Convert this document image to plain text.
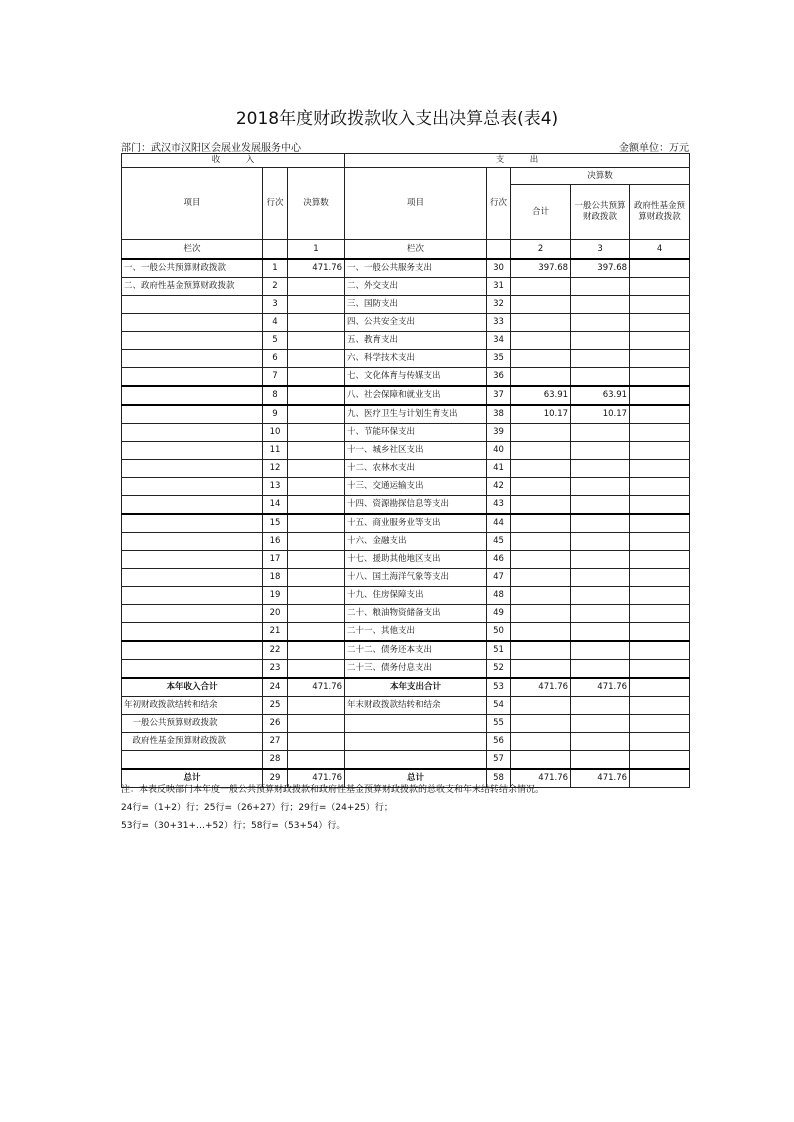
2018年度财政拨款收入支出决算总表(表4)
部门：武汉市汉阳区会展业发展服务中心	金额单位：万元
收　　　入			支　　　出				
项目	行次	决算数	项目	行次	决算数		
					合计	一般公共预算财政拨款	政府性基金预算财政拨款
栏次		1	栏次		2	3	4
一、一般公共预算财政拨款	1	471.76	一、一般公共服务支出	30	397.68	397.68	
二、政府性基金预算财政拨款	2		二、外交支出	31			
	3		三、国防支出	32			
	4		四、公共安全支出	33			
	5		五、教育支出	34			
	6		六、科学技术支出	35			
	7		七、文化体育与传媒支出	36			
	8		八、社会保障和就业支出	37	63.91	63.91	
	9		九、医疗卫生与计划生育支出	38	10.17	10.17	
	10		十、节能环保支出	39			
	11		十一、城乡社区支出	40			
	12		十二、农林水支出	41			
	13		十三、交通运输支出	42			
	14		十四、资源勘探信息等支出	43			
	15		十五、商业服务业等支出	44			
	16		十六、金融支出	45			
	17		十七、援助其他地区支出	46			
	18		十八、国土海洋气象等支出	47			
	19		十九、住房保障支出	48			
	20		二十、粮油物资储备支出	49			
	21		二十一、其他支出	50			
	22		二十二、债务还本支出	51			
	23		二十三、债务付息支出	52			
本年收入合计	24	471.76	本年支出合计	53	471.76	471.76	
年初财政拨款结转和结余	25		年末财政拨款结转和结余	54			
　一般公共预算财政拨款	26			55			
　政府性基金预算财政拨款	27			56			
	28			57			
总计	29	471.76	总计	58	471.76	471.76	
注：本表反映部门本年度一般公共预算财政拨款和政府性基金预算财政拨款的总收支和年末结转结余情况。
24行=（1+2）行；25行=（26+27）行；29行=（24+25）行；
53行=（30+31+…+52）行；58行=（53+54）行。
